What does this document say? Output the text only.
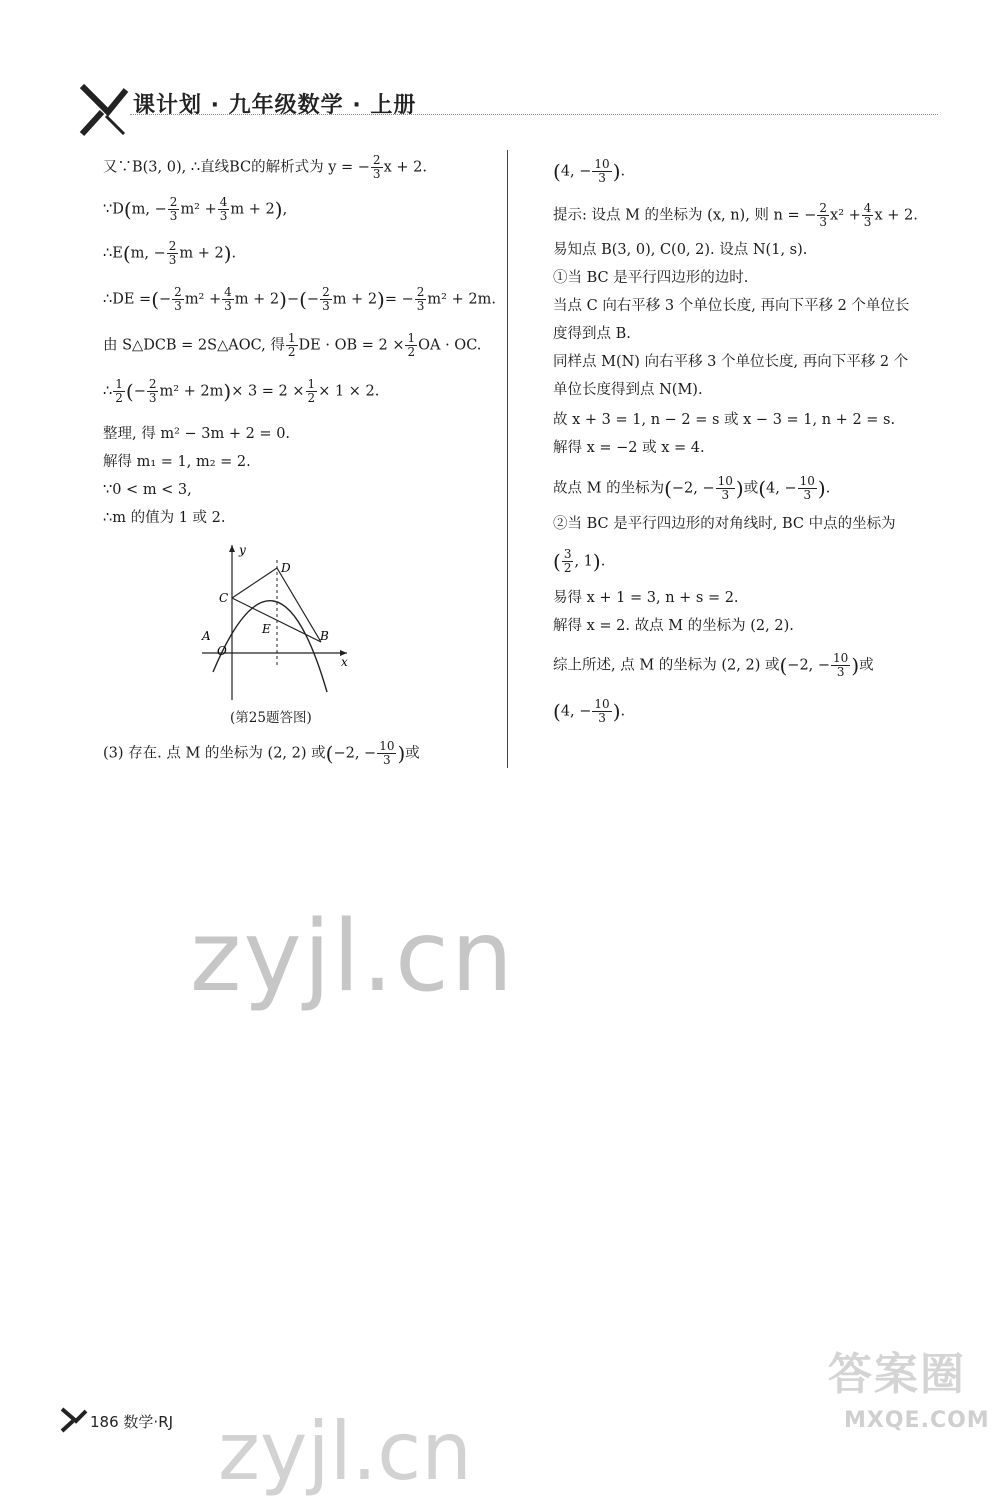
课计划 · 九年级数学 · 上册
又∵B(3, 0), ∴直线BC的解析式为 y = − $\frac{2}{3}$ x + 2.
∵D(m, − $\frac{2}{3} m^2 + \frac{4}{3}$ m + 2),
∴E(m, − $\frac{2}{3}$ m + 2).
∴DE =(− $\frac{2}{3} m^2 + \frac{4}{3}$ $m + 2)-(- \frac{2}{3}$ $m + 2)= - \frac{2}{3} m^2 + 2m$.
由 S△DCB = 2S△AOC, 得 $\frac{1}{2}$ DE · OB = $2 \times \frac{1}{2}$ OA · OC.
∴ $\frac{1}{2}$ (− $\frac{2}{3} m^2 + 2m)\times 3 = 2 \times \frac{1}{2} \times 1 \times 2$.
整理, 得 m² − 3m + 2 = 0.
解得 m₁ = 1, m₂ = 2.
∵0 < m < 3,
∴m 的值为 1 或 2.
(3) 存在. 点 M 的坐标为 (2, 2) 或(−2, − $\frac{10}{3}$ )或
y
x
D
C
E
A
O
B
(第25题答图)
(4, − $\frac{10}{3}$ ).
提示: 设点 M 的坐标为 (x, n), 则 n = − $\frac{2}{3} x^2 + \frac{4}{3}$ x + 2.
易知点 B(3, 0), C(0, 2). 设点 N(1, s).
①当 BC 是平行四边形的边时.
当点 C 向右平移 3 个单位长度, 再向下平移 2 个单位长
度得到点 B.
同样点 M(N) 向右平移 3 个单位长度, 再向下平移 2 个
单位长度得到点 N(M).
故 x + 3 = 1, n − 2 = s 或 x − 3 = 1, n + 2 = s.
解得 x = −2 或 x = 4.
故点 M 的坐标为(−2, − $\frac{10}{3}$ )或(4, − $\frac{10}{3}$ ).
②当 BC 是平行四边形的对角线时, BC 中点的坐标为
( $\frac{3}{2}$ , 1).
易得 x + 1 = 3, n + s = 2.
解得 x = 2. 故点 M 的坐标为 (2, 2).
综上所述, 点 M 的坐标为 (2, 2) 或(−2, − $\frac{10}{3}$ )或
(4, − $\frac{10}{3}$ ).
zyjl.cn
zyjl.cn
186 数学·RJ
答案圈
MXQE.COM
